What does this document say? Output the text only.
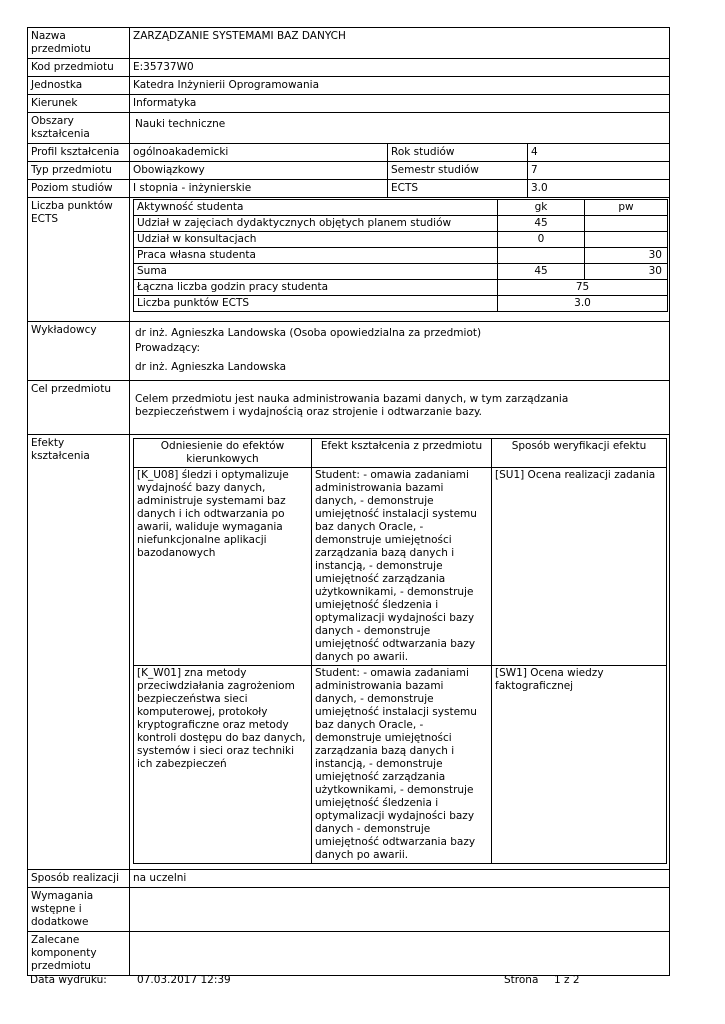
Nazwa przedmiotu	ZARZĄDZANIE SYSTEMAMI BAZ DANYCH
Kod przedmiotu	E:35737W0
Jednostka	Katedra Inżynierii Oprogramowania
Kierunek	Informatyka
Obszary kształcenia	Nauki techniczne
Profil kształcenia	ogólnoakademicki	Rok studiów	4
Typ przedmiotu	Obowiązkowy	Semestr studiów	7
Poziom studiów	I stopnia - inżynierskie	ECTS	3.0
Liczba punktów ECTS	
Aktywność studenta	gk	pw
Udział w zajęciach dydaktycznych objętych planem studiów	45	
Udział w konsultacjach	0	
Praca własna studenta		30
Suma	45	30
Łączna liczba godzin pracy studenta	75
Liczba punktów ECTS	3.0

Wykładowcy	dr inż. Agnieszka Landowska (Osoba opowiedzialna za przedmiot)
Prowadzący:
dr inż. Agnieszka Landowska

Cel przedmiotu	Celem przedmiotu jest nauka administrowania bazami danych, w tym zarządzania bezpieczeństwem i wydajnością oraz strojenie i odtwarzanie bazy.
Efekty kształcenia	
Odniesienie do efektów kierunkowych	Efekt kształcenia z przedmiotu	Sposób weryfikacji efektu
[K_U08] śledzi i optymalizuje wydajność bazy danych, administruje systemami baz danych i ich odtwarzania po awarii, waliduje wymagania niefunkcjonalne aplikacji bazodanowych	Student: - omawia zadaniami administrowania bazami danych, - demonstruje umiejętność instalacji systemu baz danych Oracle, - demonstruje umiejętności zarządzania bazą danych i instancją, - demonstruje umiejętność zarządzania użytkownikami, - demonstruje umiejętność śledzenia i optymalizacji wydajności bazy danych - demonstruje umiejętność odtwarzania bazy danych po awarii.	[SU1] Ocena realizacji zadania
[K_W01] zna metody przeciwdziałania zagrożeniom bezpieczeństwa sieci komputerowej, protokoły kryptograficzne oraz metody kontroli dostępu do baz danych, systemów i sieci oraz techniki ich zabezpieczeń	Student: - omawia zadaniami administrowania bazami danych, - demonstruje umiejętność instalacji systemu baz danych Oracle, - demonstruje umiejętności zarządzania bazą danych i instancją, - demonstruje umiejętność zarządzania użytkownikami, - demonstruje umiejętność śledzenia i optymalizacji wydajności bazy danych - demonstruje umiejętność odtwarzania bazy danych po awarii.	[SW1] Ocena wiedzy faktograficznej

Sposób realizacji	na uczelni
Wymagania wstępne i dodatkowe	
Zalecane komponenty przedmiotu	
Data wydruku:	07.03.2017 12:39	Strona 1 z 2
